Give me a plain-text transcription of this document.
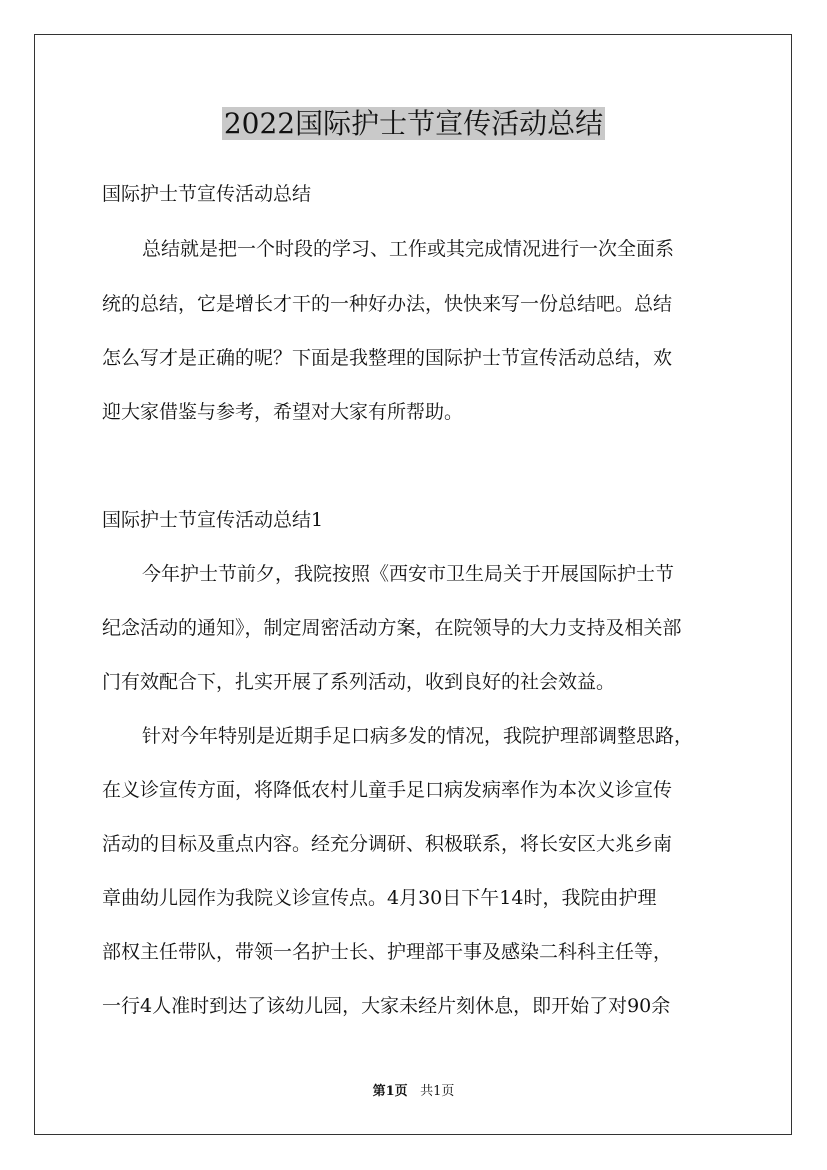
2022国际护士节宣传活动总结
国际护士节宣传活动总结
总结就是把一个时段的学习、工作或其完成情况进行一次全面系
统的总结，它是增长才干的一种好办法，快快来写一份总结吧。总结
怎么写才是正确的呢？下面是我整理的国际护士节宣传活动总结，欢
迎大家借鉴与参考，希望对大家有所帮助。
国际护士节宣传活动总结1
今年护士节前夕，我院按照《西安市卫生局关于开展国际护士节
纪念活动的通知》，制定周密活动方案，在院领导的大力支持及相关部
门有效配合下，扎实开展了系列活动，收到良好的社会效益。
针对今年特别是近期手足口病多发的情况，我院护理部调整思路，
在义诊宣传方面，将降低农村儿童手足口病发病率作为本次义诊宣传
活动的目标及重点内容。经充分调研、积极联系，将长安区大兆乡南
章曲幼儿园作为我院义诊宣传点。4月30日下午14时，我院由护理
部权主任带队，带领一名护士长、护理部干事及感染二科科主任等，
一行4人准时到达了该幼儿园，大家未经片刻休息，即开始了对90余
第1页 共1页
